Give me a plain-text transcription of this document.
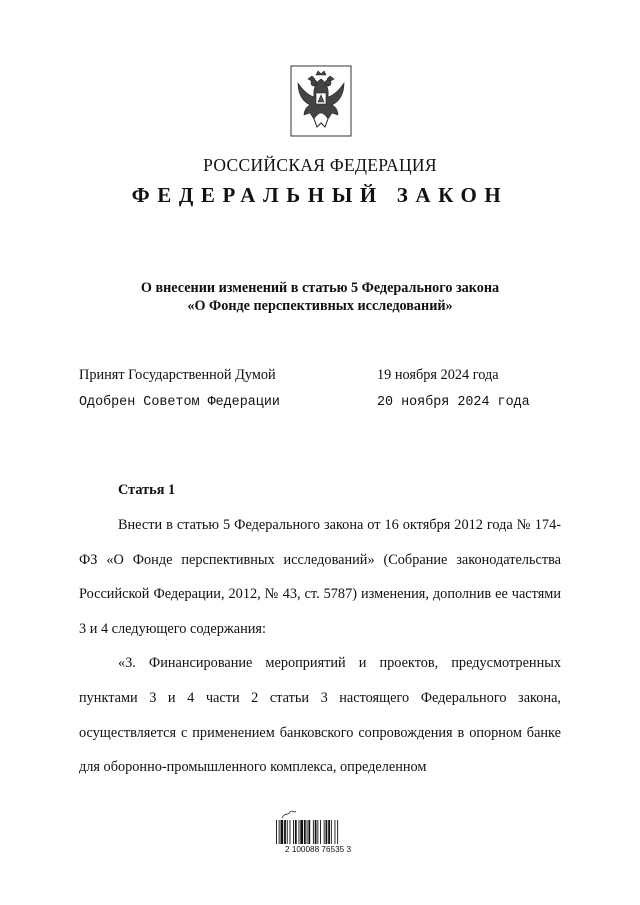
РОССИЙСКАЯ ФЕДЕРАЦИЯ
ФЕДЕРАЛЬНЫЙ ЗАКОН
О внесении изменений в статью 5 Федерального закона
«О Фонде перспективных исследований»
Принят Государственной Думой	19 ноября 2024 года
Одобрен Советом Федерации	20 ноября 2024 года
Статья 1

Внести в статью 5 Федерального закона от 16 октября 2012 года № 174-ФЗ «О Фонде перспективных исследований» (Собрание законодательства Российской Федерации, 2012, № 43, ст. 5787) изменения, дополнив ее частями 3 и 4 следующего содержания:

«3. Финансирование мероприятий и проектов, предусмотренных пунктами 3 и 4 части 2 статьи 3 настоящего Федерального закона, осуществляется с применением банковского сопровождения в опорном банке для оборонно-промышленного комплекса, определенном

2 100088 76535 3
